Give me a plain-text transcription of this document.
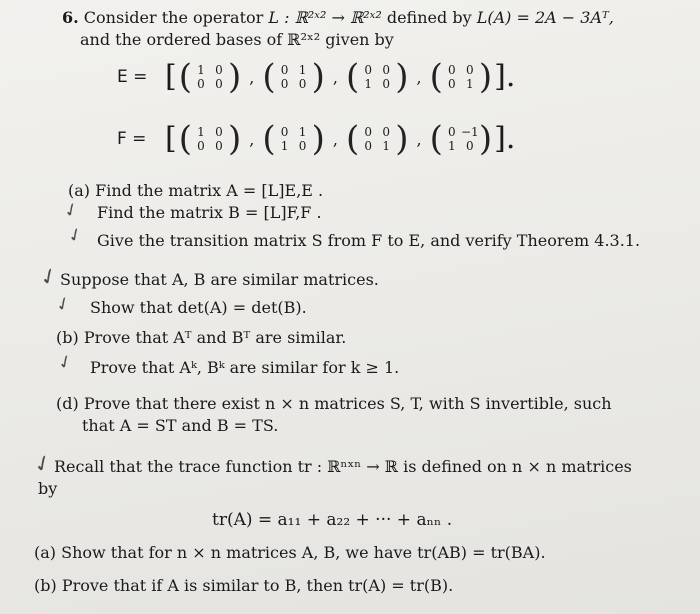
6. Consider the operator L : ℝ²ˣ² → ℝ²ˣ² defined by L(A) = 2A − 3Aᵀ,
and the ordered bases of ℝ²ˣ² given by
E = [ ( 1 0
0 0 ) , ( 0 1
0 0 ) , ( 0 0
1 0 ) , ( 0 0
0 1 ) ].
F = [ ( 1 0
0 0 ) , ( 0 1
1 0 ) , ( 0 0
0 1 ) , ( 0 −1
1 0 ) ].
(a) Find the matrix A = [L]E,E .
✓ Find the matrix B = [L]F,F .
✓ Give the transition matrix S from F to E, and verify Theorem 4.3.1.
✓
Suppose that A, B are similar matrices.
✓ Show that det(A) = det(B).
(b) Prove that Aᵀ and Bᵀ are similar.
✓ Prove that Aᵏ, Bᵏ are similar for k ≥ 1.
(d) Prove that there exist n × n matrices S, T, with S invertible, such
that A = ST and B = TS.
✓
Recall that the trace function tr : ℝⁿˣⁿ → ℝ is defined on n × n matrices
by
tr(A) = a₁₁ + a₂₂ + ··· + aₙₙ .
(a) Show that for n × n matrices A, B, we have tr(AB) = tr(BA).
(b) Prove that if A is similar to B, then tr(A) = tr(B).
